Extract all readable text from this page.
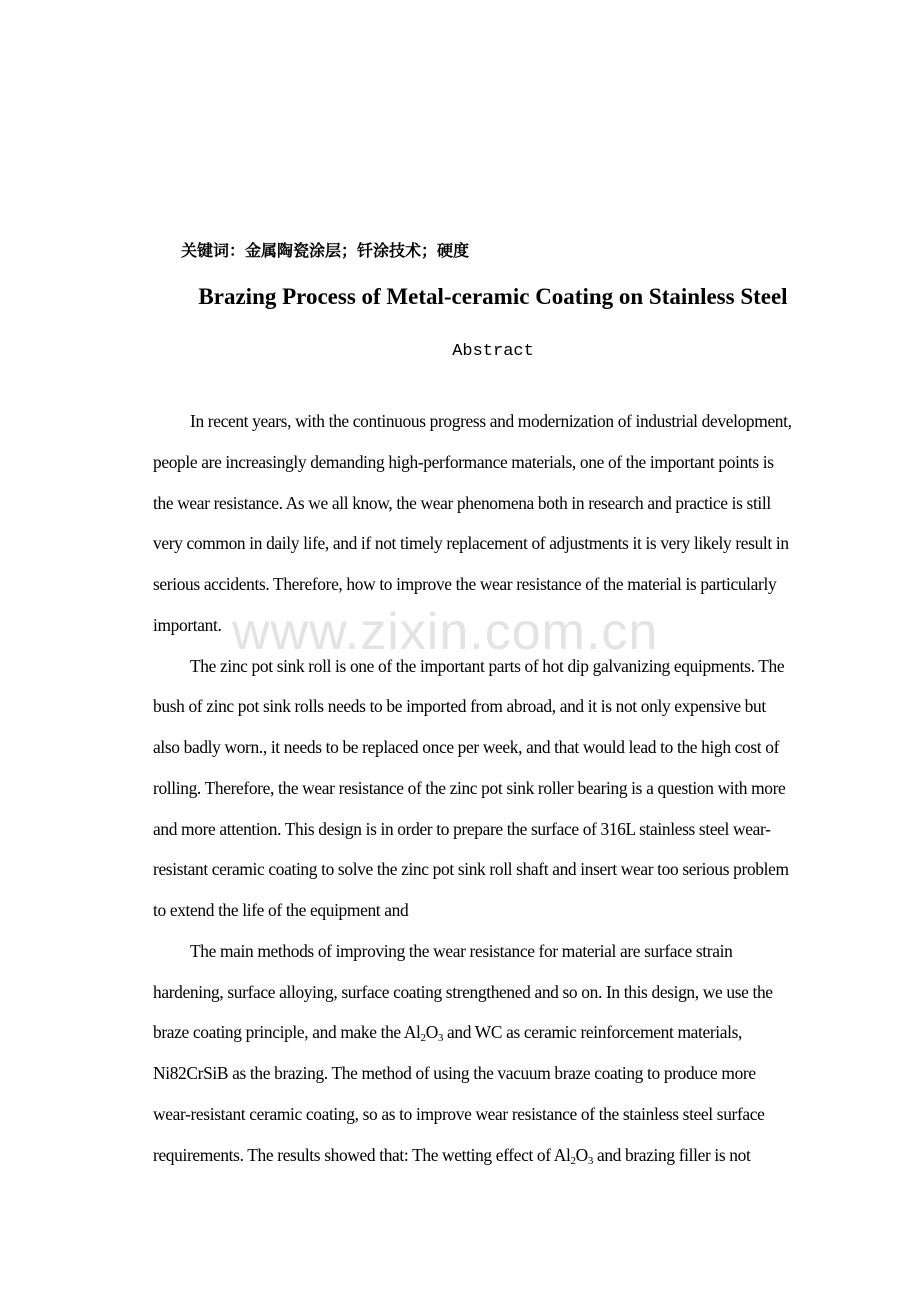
关键词：金属陶瓷涂层；钎涂技术；硬度
Brazing Process of Metal-ceramic Coating on Stainless Steel
Abstract
www.zixin.com.cn
In recent years, with the continuous progress and modernization of industrial development,
people are increasingly demanding high-performance materials, one of the important points is
the wear resistance. As we all know, the wear phenomena both in research and practice is still
very common in daily life, and if not timely replacement of adjustments it is very likely result in
serious accidents. Therefore, how to improve the wear resistance of the material is particularly
important.
The zinc pot sink roll is one of the important parts of hot dip galvanizing equipments. The
bush of zinc pot sink rolls needs to be imported from abroad, and it is not only expensive but
also badly worn., it needs to be replaced once per week, and that would lead to the high cost of
rolling. Therefore, the wear resistance of the zinc pot sink roller bearing is a question with more
and more attention. This design is in order to prepare the surface of 316L stainless steel wear-
resistant ceramic coating to solve the zinc pot sink roll shaft and insert wear too serious problem
to extend the life of the equipment and
The main methods of improving the wear resistance for material are surface strain
hardening, surface alloying, surface coating strengthened and so on. In this design, we use the
braze coating principle, and make the $Al_2O_3$ and WC as ceramic reinforcement materials,
Ni82CrSiB as the brazing. The method of using the vacuum braze coating to produce more
wear-resistant ceramic coating, so as to improve wear resistance of the stainless steel surface
requirements. The results showed that: The wetting effect of $Al_2O_3$ and brazing filler is not
